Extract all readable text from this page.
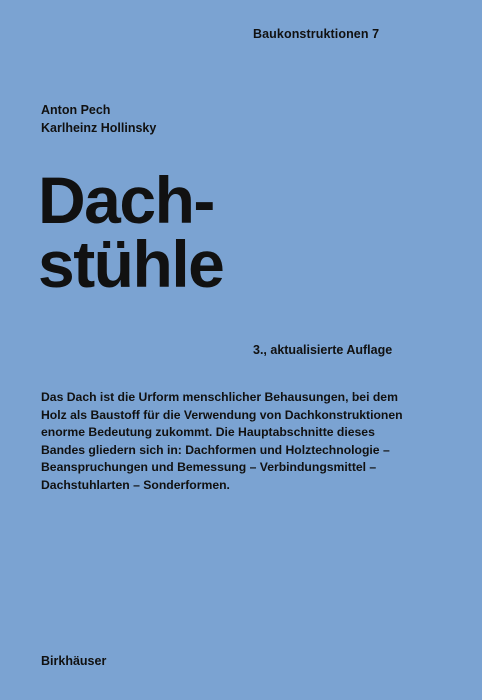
Baukonstruktionen 7
Anton Pech
Karlheinz Hollinsky
Dach-
stühle
3., aktualisierte Auflage
Das Dach ist die Urform menschlicher Behausungen, bei dem
Holz als Baustoff für die Verwendung von Dachkonstruktionen
enorme Bedeutung zukommt. Die Hauptabschnitte dieses
Bandes gliedern sich in: Dachformen und Holztechnologie –
Beanspruchungen und Bemessung – Verbindungsmittel –
Dachstuhlarten – Sonderformen.
Birkhäuser
